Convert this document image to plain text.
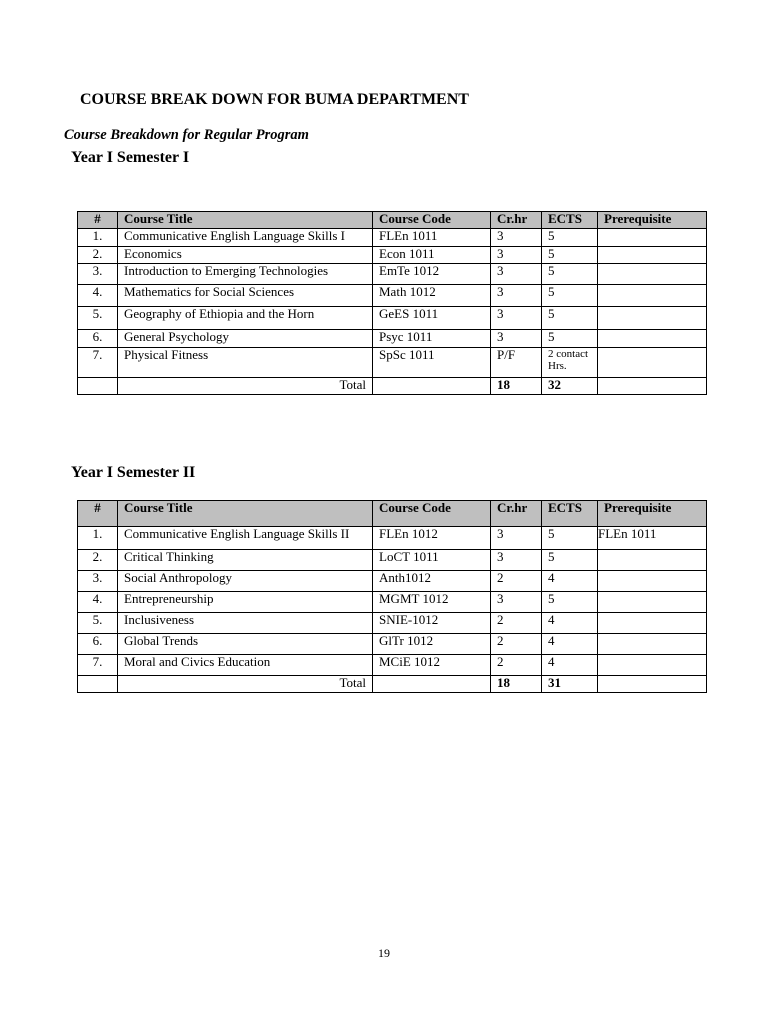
COURSE BREAK DOWN FOR BUMA DEPARTMENT
Course Breakdown for Regular Program
Year I Semester I
#	Course Title	Course Code	Cr.hr	ECTS	Prerequisite
1.	Communicative English Language Skills I	FLEn 1011	3	5	
2.	Economics	Econ 1011	3	5	
3.	Introduction to Emerging Technologies	EmTe 1012	3	5	
4.	Mathematics for Social Sciences	Math 1012	3	5	
5.	Geography of Ethiopia and the Horn	GeES 1011	3	5	
6.	General Psychology	Psyc 1011	3	5	
7.	Physical Fitness	SpSc 1011	P/F	2 contact Hrs.	
	Total		18	32	
Year I Semester II
#	Course Title	Course Code	Cr.hr	ECTS	Prerequisite
1.	Communicative English Language Skills II	FLEn 1012	3	5	FLEn 1011
2.	Critical Thinking	LoCT 1011	3	5	
3.	Social Anthropology	Anth1012	2	4	
4.	Entrepreneurship	MGMT 1012	3	5	
5.	Inclusiveness	SNIE-1012	2	4	
6.	Global Trends	GlTr 1012	2	4	
7.	Moral and Civics Education	MCiE 1012	2	4	
	Total		18	31	
19
